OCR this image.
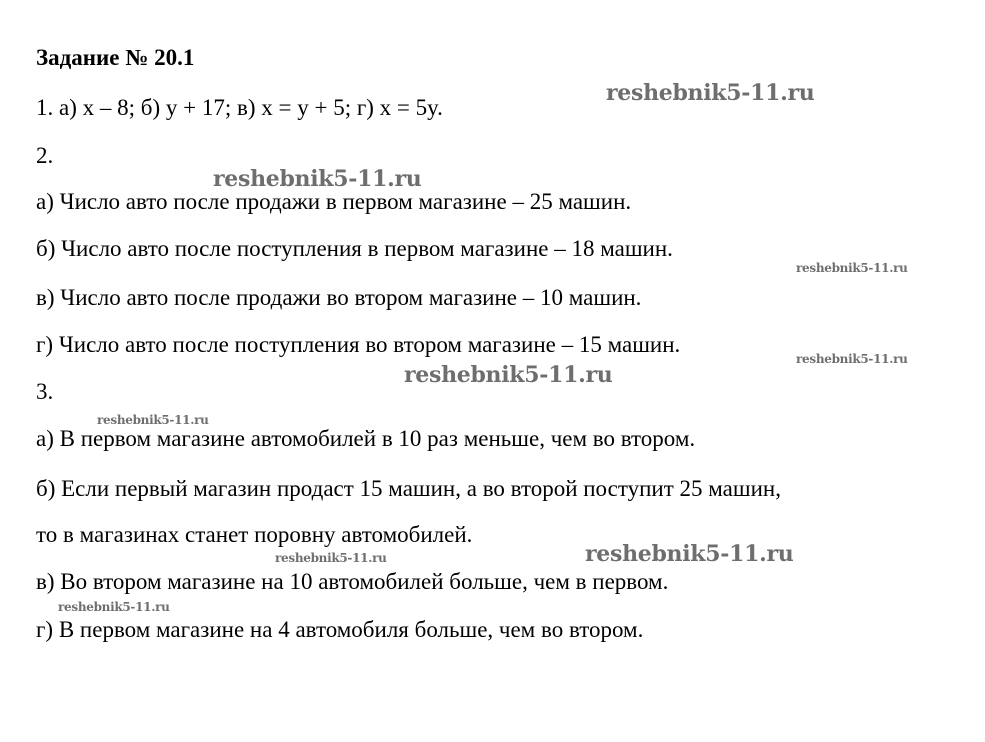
Задание № 20.1
1. а) x – 8; б) y + 17; в) x = y + 5; г) x = 5y.
2.
а) Число авто после продажи в первом магазине – 25 машин.
б) Число авто после поступления в первом магазине – 18 машин.
в) Число авто после продажи во втором магазине – 10 машин.
г) Число авто после поступления во втором магазине – 15 машин.
3.
а) В первом магазине автомобилей в 10 раз меньше, чем во втором.
б) Если первый магазин продаст 15 машин, а во второй поступит 25 машин,
то в магазинах станет поровну автомобилей.
в) Во втором магазине на 10 автомобилей больше, чем в первом.
г) В первом магазине на 4 автомобиля больше, чем во втором.
reshebnik5-11.ru
reshebnik5-11.ru
reshebnik5-11.ru
reshebnik5-11.ru
reshebnik5-11.ru
reshebnik5-11.ru
reshebnik5-11.ru
reshebnik5-11.ru
reshebnik5-11.ru
